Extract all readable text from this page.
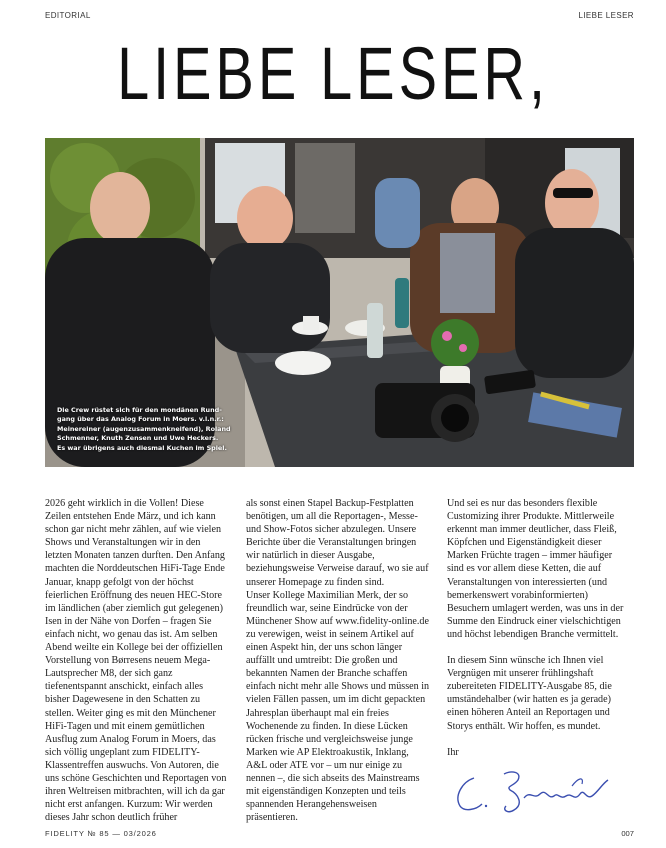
EDITORIAL	LIEBE LESER
LIEBE LESER,
Die Crew rüstet sich für den mondänen Rund-
gang über das Analog Forum in Moers. v.l.n.r.:
Meinereiner (augenzusammenkneifend), Roland
Schmenner, Knuth Zensen und Uwe Heckers.
Es war übrigens auch diesmal Kuchen im Spiel.

2026 geht wirklich in die Vollen! Diese Zeilen entstehen Ende März, und ich kann schon gar nicht mehr zählen, auf wie vielen Shows und Veranstaltungen wir in den letzten Monaten tanzen durften. Den Anfang machten die Norddeutschen HiFi-Tage Ende Januar, knapp gefolgt von der höchst feierlichen Eröffnung des neuen HEC-Store im ländlichen (aber ziemlich gut gelegenen) Isen in der Nähe von Dorfen – fragen Sie einfach nicht, wo genau das ist. Am selben Abend weilte ein Kollege bei der offiziellen Vorstellung von Børresens neuem Mega-Lautsprecher M8, der sich ganz tiefenentspannt anschickt, einfach alles bisher Dagewesene in den Schatten zu stellen. Weiter ging es mit den Münchener HiFi-Tagen und mit einem gemütlichen Ausflug zum Analog Forum in Moers, das sich völlig ungeplant zum FIDELITY-Klassentreffen auswuchs. Von Autoren, die uns schöne Geschichten und Reportagen von ihren Weltreisen mitbrachten, will ich da gar nicht erst anfangen. Kurzum: Wir werden dieses Jahr schon deutlich früher

als sonst einen Stapel Backup-Festplatten benötigen, um all die Reportagen-, Messe- und Show-Fotos sicher abzulegen. Unsere Berichte über die Veranstaltungen bringen wir natürlich in dieser Ausgabe, beziehungsweise Verweise darauf, wo sie auf unserer Homepage zu finden sind.

Unser Kollege Maximilian Merk, der so freundlich war, seine Eindrücke von der Münchener Show auf www.fidelity-online.de zu verewigen, weist in seinem Artikel auf einen Aspekt hin, der uns schon länger auffällt und umtreibt: Die großen und bekannten Namen der Branche schaffen einfach nicht mehr alle Shows und müssen in vielen Fällen passen, um im dicht gepackten Jahresplan überhaupt mal ein freies Wochenende zu finden. In diese Lücken rücken frische und vergleichsweise junge Marken wie AP Elektroakustik, Inklang, A&L oder ATE vor – um nur einige zu nennen –, die sich abseits des Mainstreams mit eigenständigen Konzepten und teils spannenden Herangehensweisen präsentieren.

Und sei es nur das besonders flexible Customizing ihrer Produkte. Mittlerweile erkennt man immer deutlicher, dass Fleiß, Köpfchen und Eigenständigkeit dieser Marken Früchte tragen – immer häufiger sind es vor allem diese Ketten, die auf Veranstaltungen von interessierten (und bemerkenswert vorabinformierten) Besuchern umlagert werden, was uns in der Summe den Eindruck einer vielschichtigen und höchst lebendigen Branche vermittelt.

In diesem Sinn wünsche ich Ihnen viel Vergnügen mit unserer frühlingshaft zubereiteten FIDELITY-Ausgabe 85, die umständehalber (wir hatten es ja gerade) einen höheren Anteil an Reportagen und Storys enthält. Wir hoffen, es mundet.

Ihr

FIDELITY № 85 — 03/2026	007
